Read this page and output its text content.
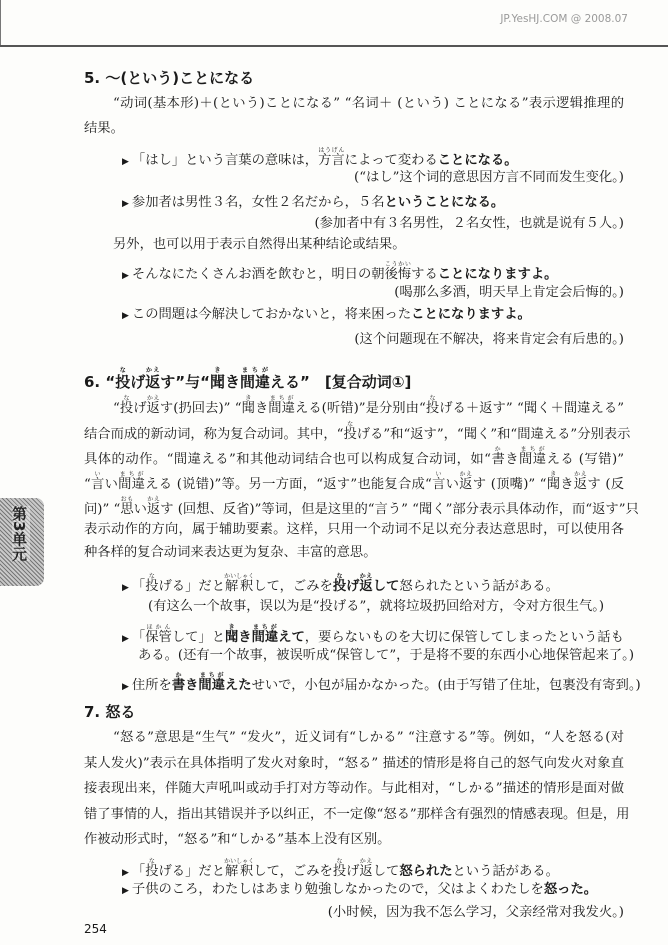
JP.YesHJ.COM @ 2008.07
5. ～(という)ことになる
“动词(基本形)＋(という)ことになる” “名词＋ (という) ことになる”表示逻辑推理的
结果。
▶ 「はし」という言葉の意味は，方言はうげんによって変わることになる。
(“はし”这个词的意思因方言不同而发生变化。)
▶ 参加者は男性３名，女性２名だから，５名ということになる。
(参加者中有３名男性，２名女性，也就是说有５人。)
另外，也可以用于表示自然得出某种结论或结果。
▶ そんなにたくさんお酒を飲むと，明日の朝後悔こうかいすることになりますよ。
(喝那么多酒，明天早上肯定会后悔的。)
▶ この問題は今解決しておかないと，将来困ったことになりますよ。
(这个问题现在不解决，将来肯定会有后患的。)
6. “投なげ返かえす”与“聞きき間違まちがえる”　[复合动词①]
“投なげ返かえす(扔回去)” “聞きき間違まちがえる(听错)”是分别由“投なげる＋返す” “聞く＋間違える”
结合而成的新动词，称为复合动词。其中，“投なげる”和“返す”，“聞く”和“間違える”分别表示
具体的动作。“間違える”和其他动词结合也可以构成复合动词，如“書かき間違まちがえる (写错)”
“言いい間違まちがえる (说错)”等。另一方面，“返す”也能复合成“言いい返かえす (顶嘴)” “聞きき返かえす (反
问)” “思おもい返かえす (回想、反省)”等词，但是这里的“言う” “聞く”部分表示具体动作，而“返す”只
表示动作的方向，属于辅助要素。这样，只用一个动词不足以充分表达意思时，可以使用各
种各样的复合动词来表达更为复杂、丰富的意思。
▶ 「投なげる」だと解釈かいしゃくして，ごみを投なげ返かえして怒られたという話がある。
(有这么一个故事，误以为是“投げる”，就将垃圾扔回给对方，令对方很生气。)
▶ 「保管ほかんして」と聞きき間違まちがえて，要らないものを大切に保管してしまったという話も
ある。(还有一个故事，被误听成“保管して”，于是将不要的东西小心地保管起来了。)
▶ 住所を書かき間違まちがえたせいで，小包が届かなかった。(由于写错了住址，包裹没有寄到。)
7. 怒る
“怒る”意思是“生气” “发火”，近义词有“しかる” “注意する”等。例如，“人を怒る(对
某人发火)”表示在具体指明了发火对象时，“怒る” 描述的情形是将自己的怒气向发火对象直
接表现出来，伴随大声吼叫或动手打对方等动作。与此相对，“しかる”描述的情形是面对做
错了事情的人，指出其错误并予以纠正，不一定像“怒る”那样含有强烈的情感表现。但是，用
作被动形式时，“怒る”和“しかる”基本上没有区别。
▶ 「投なげる」だと解釈かいしゃくして，ごみを投なげ返かえして怒られたという話がある。
▶ 子供のころ，わたしはあまり勉強しなかったので，父はよくわたしを怒った。
(小时候，因为我不怎么学习，父亲经常对我发火。)
第3单元
254
